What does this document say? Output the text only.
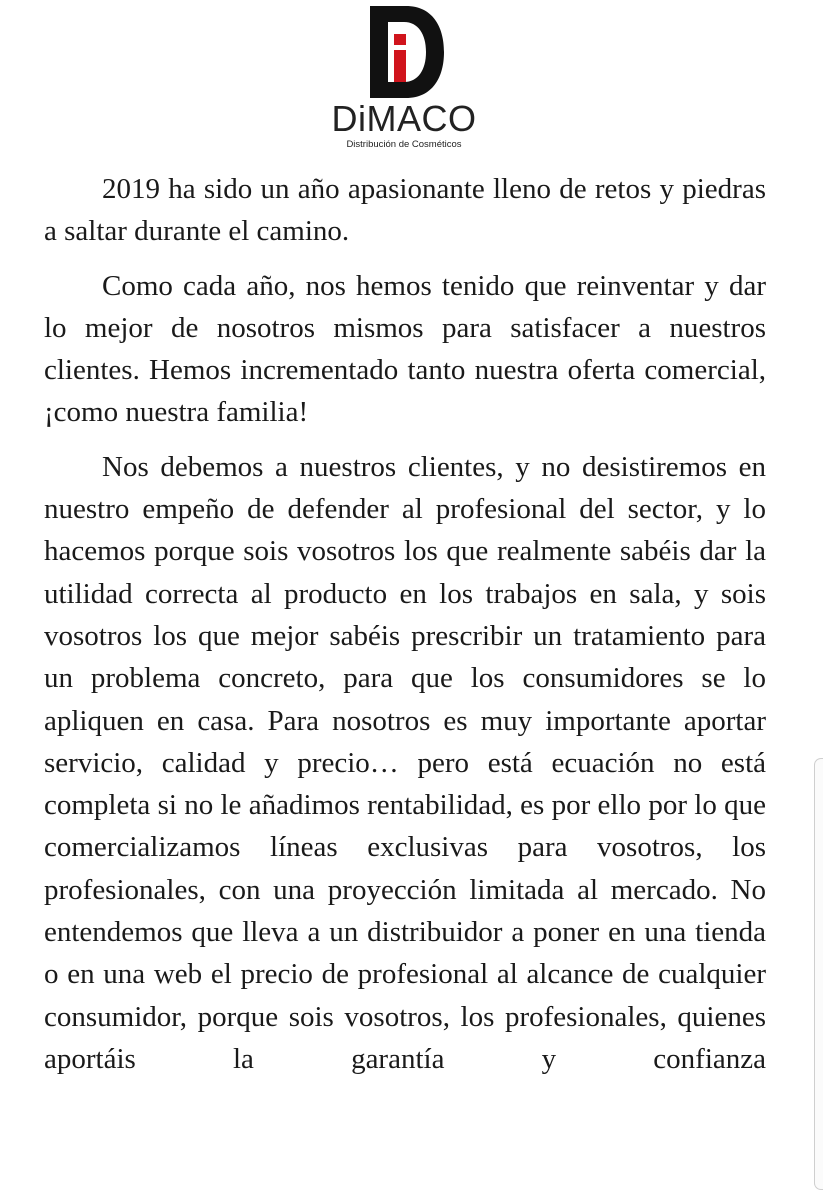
DiMACO
Distribución de Cosméticos

2019 ha sido un año apasionante lleno de retos y piedras a saltar durante el camino.

Como cada año, nos hemos tenido que reinventar y dar lo mejor de nosotros mismos para satisfacer a nuestros clientes. Hemos incrementado tanto nuestra oferta comercial, ¡como nuestra familia!

Nos debemos a nuestros clientes, y no desistiremos en nuestro empeño de defender al profesional del sector, y lo hacemos porque sois vosotros los que realmente sabéis dar la utilidad correcta al producto en los trabajos en sala, y sois vosotros los que mejor sabéis prescribir un tratamiento para un problema concreto, para que los consumidores se lo apliquen en casa. Para nosotros es muy importante aportar servicio, calidad y precio… pero está ecuación no está completa si no le añadimos rentabilidad, es por ello por lo que comercializamos líneas exclusivas para vosotros, los profesionales, con una proyección limitada al mercado. No entendemos que lleva a un distribuidor a poner en una tienda o en una web el precio de profesional al alcance de cualquier consumidor, porque sois vosotros, los profesionales, quienes aportáis la garantía y confianza
